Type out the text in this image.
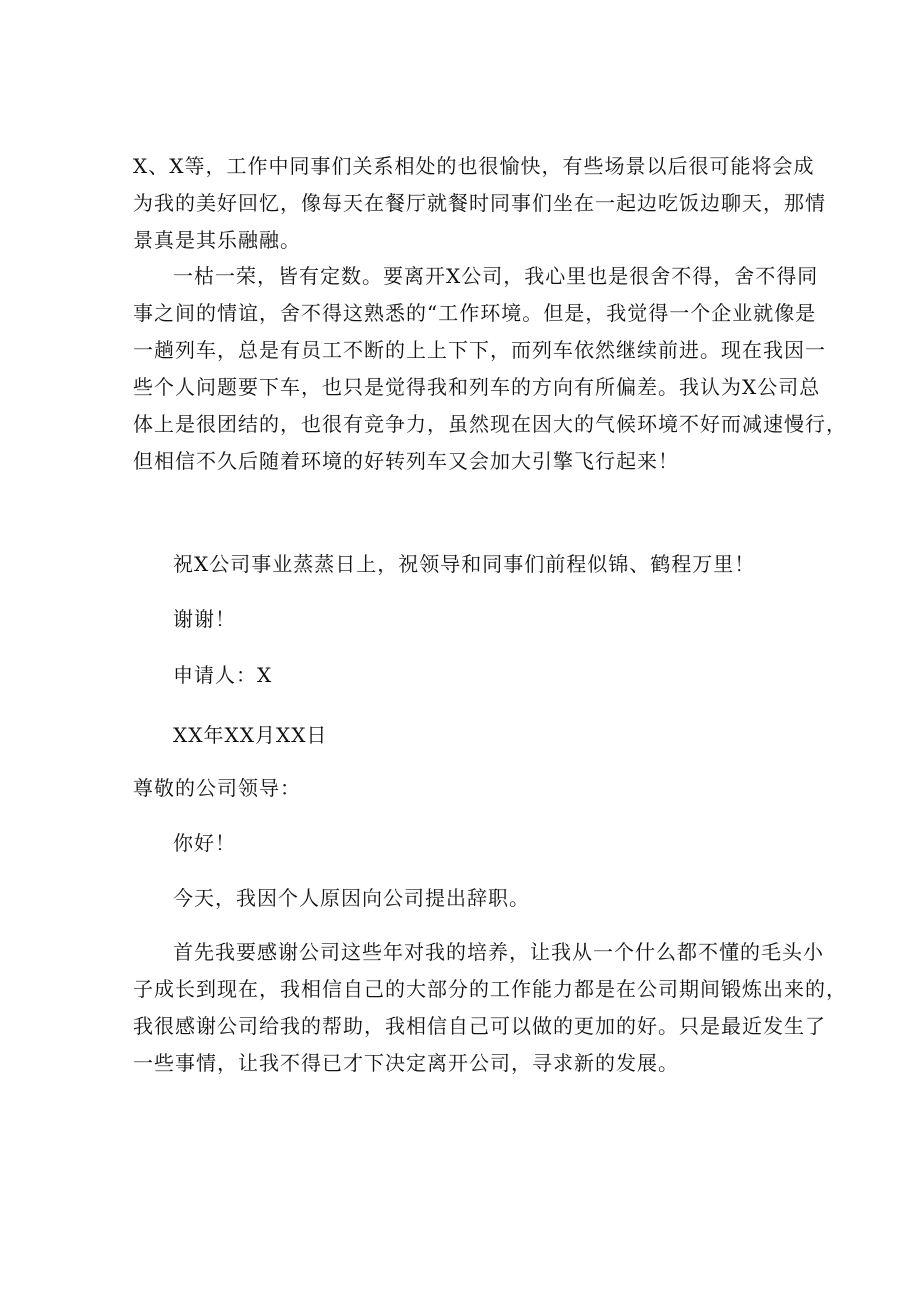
X、X等，工作中同事们关系相处的也很愉快，有些场景以后很可能将会成
为我的美好回忆，像每天在餐厅就餐时同事们坐在一起边吃饭边聊天，那情
景真是其乐融融。
一枯一荣，皆有定数。要离开X公司，我心里也是很舍不得，舍不得同
事之间的情谊，舍不得这熟悉的“工作环境。但是，我觉得一个企业就像是
一趟列车，总是有员工不断的上上下下，而列车依然继续前进。现在我因一
些个人问题要下车，也只是觉得我和列车的方向有所偏差。我认为X公司总
体上是很团结的，也很有竞争力，虽然现在因大的气候环境不好而减速慢行，
但相信不久后随着环境的好转列车又会加大引擎飞行起来！
祝X公司事业蒸蒸日上，祝领导和同事们前程似锦、鹤程万里！
谢谢！
申请人：X
XX年XX月XX日
尊敬的公司领导：
你好！
今天，我因个人原因向公司提出辞职。
首先我要感谢公司这些年对我的培养，让我从一个什么都不懂的毛头小
子成长到现在，我相信自己的大部分的工作能力都是在公司期间锻炼出来的，
我很感谢公司给我的帮助，我相信自己可以做的更加的好。只是最近发生了
一些事情，让我不得已才下决定离开公司，寻求新的发展。
